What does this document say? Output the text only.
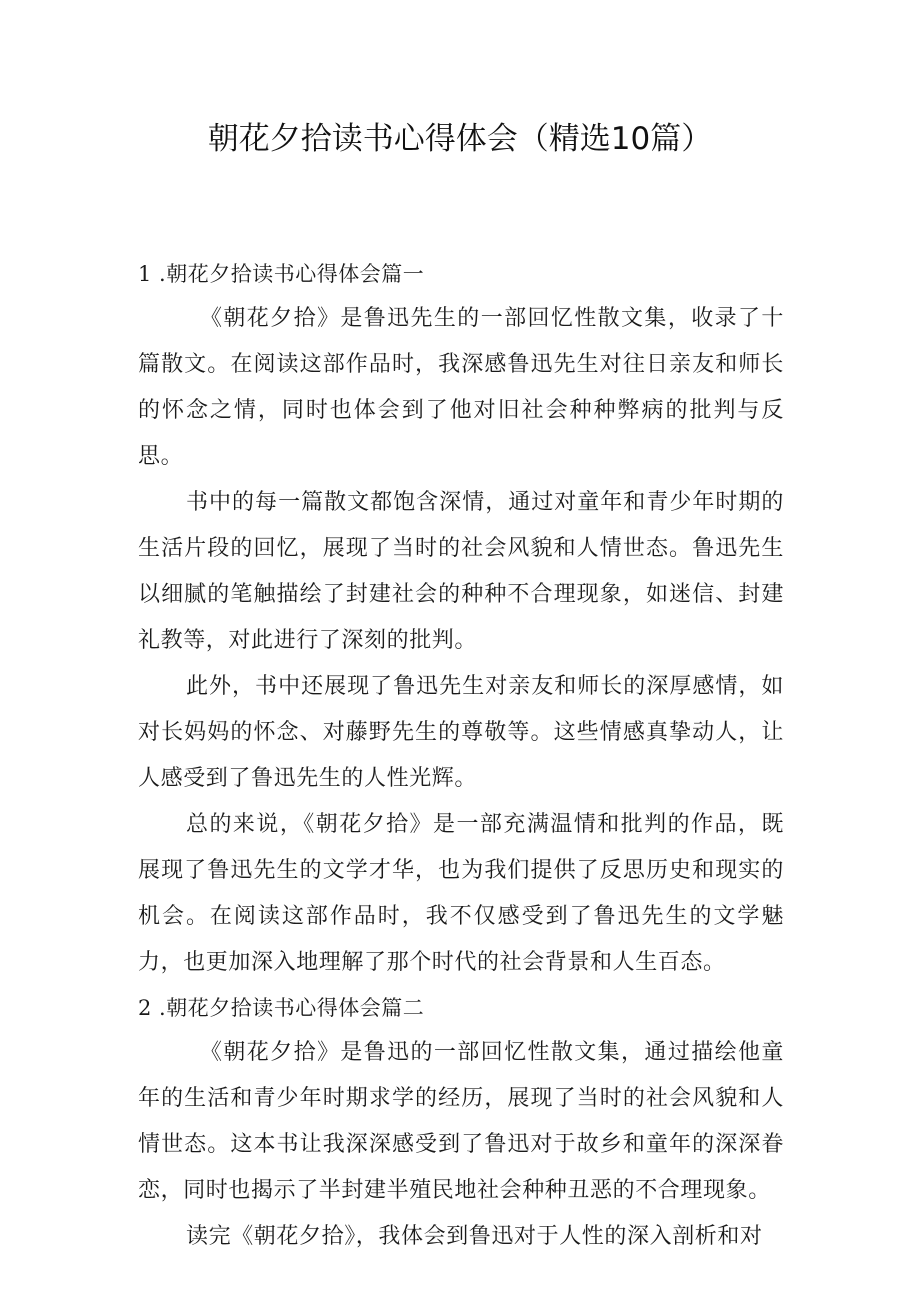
朝花夕拾读书心得体会（精选10篇）

1 .朝花夕拾读书心得体会篇一

《朝花夕拾》是鲁迅先生的一部回忆性散文集，收录了十篇散文。在阅读这部作品时，我深感鲁迅先生对往日亲友和师长的怀念之情，同时也体会到了他对旧社会种种弊病的批判与反思。

书中的每一篇散文都饱含深情，通过对童年和青少年时期的生活片段的回忆，展现了当时的社会风貌和人情世态。鲁迅先生以细腻的笔触描绘了封建社会的种种不合理现象，如迷信、封建礼教等，对此进行了深刻的批判。

此外，书中还展现了鲁迅先生对亲友和师长的深厚感情，如对长妈妈的怀念、对藤野先生的尊敬等。这些情感真挚动人，让人感受到了鲁迅先生的人性光辉。

总的来说，《朝花夕拾》是一部充满温情和批判的作品，既展现了鲁迅先生的文学才华，也为我们提供了反思历史和现实的机会。在阅读这部作品时，我不仅感受到了鲁迅先生的文学魅力，也更加深入地理解了那个时代的社会背景和人生百态。

2 .朝花夕拾读书心得体会篇二

《朝花夕拾》是鲁迅的一部回忆性散文集，通过描绘他童年的生活和青少年时期求学的经历，展现了当时的社会风貌和人情世态。这本书让我深深感受到了鲁迅对于故乡和童年的深深眷恋，同时也揭示了半封建半殖民地社会种种丑恶的不合理现象。

读完《朝花夕拾》，我体会到鲁迅对于人性的深入剖析和对
